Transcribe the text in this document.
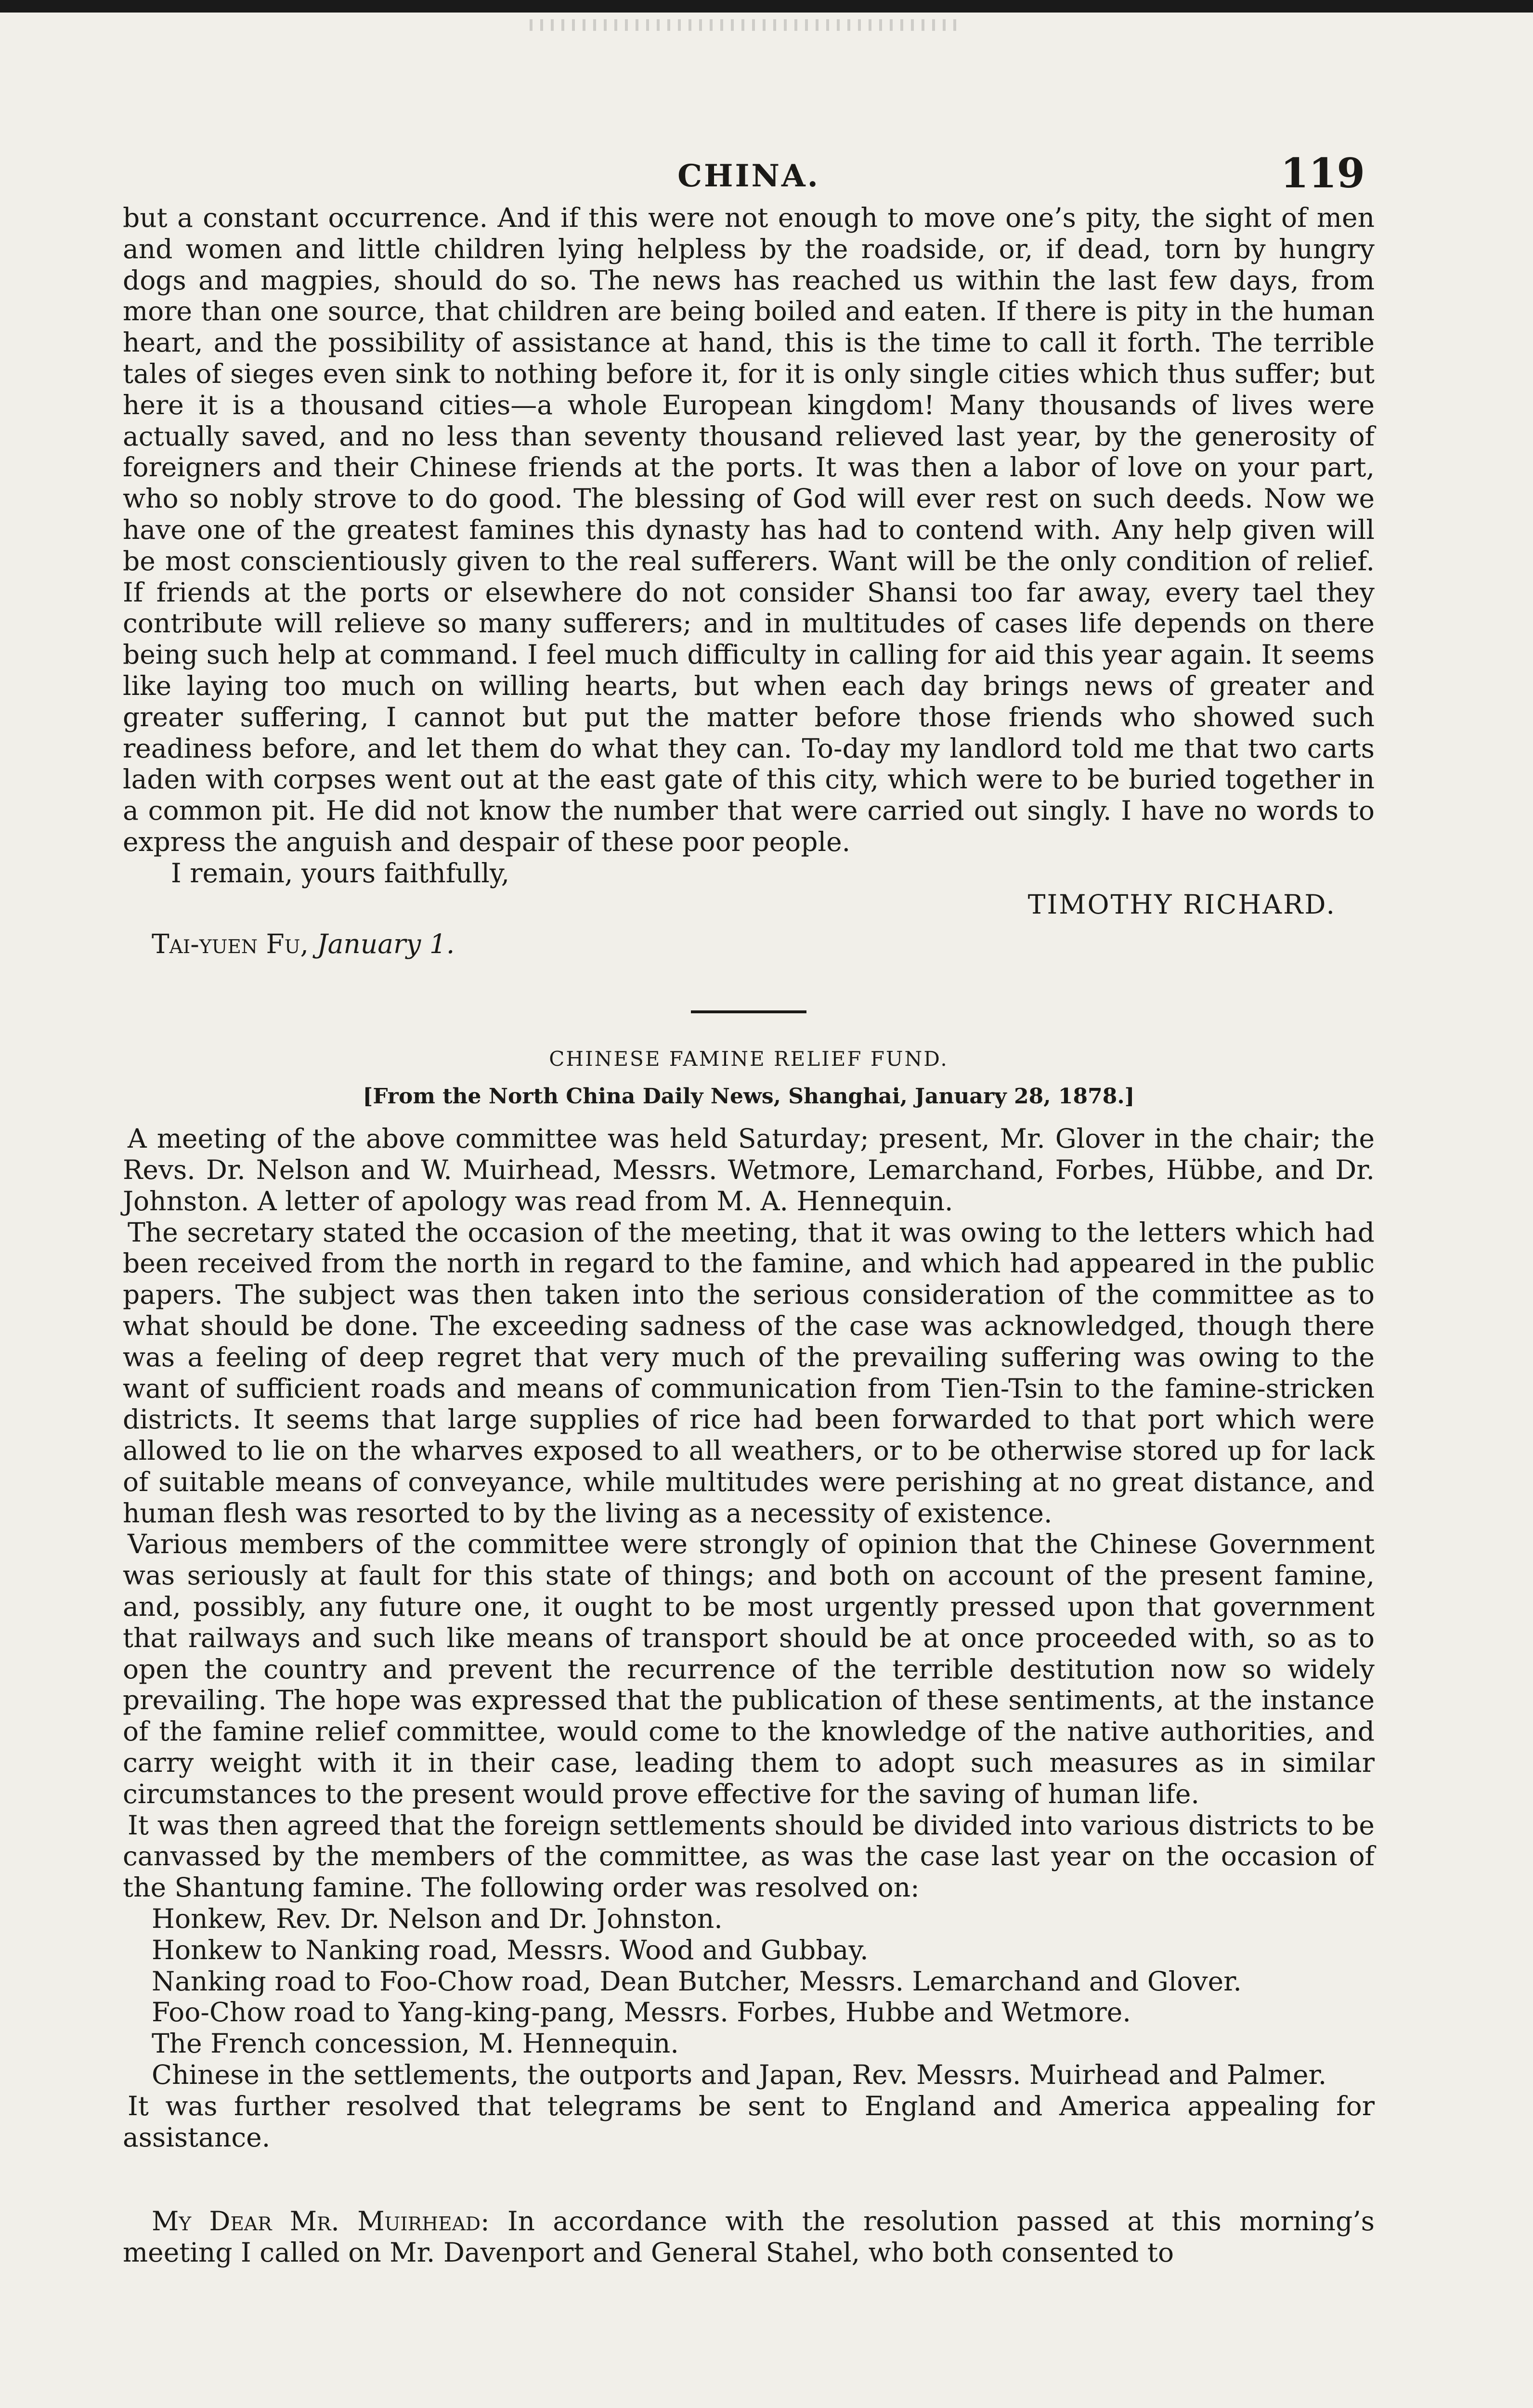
CHINA.	119

but a constant occurrence. And if this were not enough to move one’s pity, the sight of men and women and little children lying helpless by the roadside, or, if dead, torn by hungry dogs and magpies, should do so. The news has reached us within the last few days, from more than one source, that children are being boiled and eaten. If there is pity in the human heart, and the possibility of assistance at hand, this is the time to call it forth. The terrible tales of sieges even sink to nothing before it, for it is only single cities which thus suffer; but here it is a thousand cities—a whole European kingdom! Many thousands of lives were actually saved, and no less than seventy thousand relieved last year, by the generosity of foreigners and their Chinese friends at the ports. It was then a labor of love on your part, who so nobly strove to do good. The blessing of God will ever rest on such deeds. Now we have one of the greatest famines this dynasty has had to contend with. Any help given will be most conscientiously given to the real sufferers. Want will be the only condition of relief. If friends at the ports or elsewhere do not consider Shansi too far away, every tael they contribute will relieve so many sufferers; and in multitudes of cases life depends on there being such help at command. I feel much difficulty in calling for aid this year again. It seems like laying too much on willing hearts, but when each day brings news of greater and greater suffering, I cannot but put the matter before those friends who showed such readiness before, and let them do what they can. To-day my landlord told me that two carts laden with corpses went out at the east gate of this city, which were to be buried together in a common pit. He did not know the number that were carried out singly. I have no words to express the anguish and despair of these poor people.

I remain, yours faithfully,

TIMOTHY RICHARD.

Tai-yuen Fu, January 1.

CHINESE FAMINE RELIEF FUND.
[From the North China Daily News, Shanghai, January 28, 1878.]

A meeting of the above committee was held Saturday; present, Mr. Glover in the chair; the Revs. Dr. Nelson and W. Muirhead, Messrs. Wetmore, Lemarchand, Forbes, Hübbe, and Dr. Johnston. A letter of apology was read from M. A. Hennequin.

The secretary stated the occasion of the meeting, that it was owing to the letters which had been received from the north in regard to the famine, and which had appeared in the public papers. The subject was then taken into the serious consideration of the committee as to what should be done. The exceeding sadness of the case was acknowledged, though there was a feeling of deep regret that very much of the prevailing suffering was owing to the want of sufficient roads and means of communication from Tien-Tsin to the famine-stricken districts. It seems that large supplies of rice had been forwarded to that port which were allowed to lie on the wharves exposed to all weathers, or to be otherwise stored up for lack of suitable means of conveyance, while multitudes were perishing at no great distance, and human flesh was resorted to by the living as a necessity of existence.

Various members of the committee were strongly of opinion that the Chinese Government was seriously at fault for this state of things; and both on account of the present famine, and, possibly, any future one, it ought to be most urgently pressed upon that government that railways and such like means of transport should be at once proceeded with, so as to open the country and prevent the recurrence of the terrible destitution now so widely prevailing. The hope was expressed that the publication of these sentiments, at the instance of the famine relief committee, would come to the knowledge of the native authorities, and carry weight with it in their case, leading them to adopt such measures as in similar circumstances to the present would prove effective for the saving of human life.

It was then agreed that the foreign settlements should be divided into various districts to be canvassed by the members of the committee, as was the case last year on the occasion of the Shantung famine. The following order was resolved on:

Honkew, Rev. Dr. Nelson and Dr. Johnston.

Honkew to Nanking road, Messrs. Wood and Gubbay.

Nanking road to Foo-Chow road, Dean Butcher, Messrs. Lemarchand and Glover.

Foo-Chow road to Yang-king-pang, Messrs. Forbes, Hubbe and Wetmore.

The French concession, M. Hennequin.

Chinese in the settlements, the outports and Japan, Rev. Messrs. Muirhead and Palmer.

It was further resolved that telegrams be sent to England and America appealing for assistance.

My Dear Mr. Muirhead: In accordance with the resolution passed at this morning’s meeting I called on Mr. Davenport and General Stahel, who both consented to
